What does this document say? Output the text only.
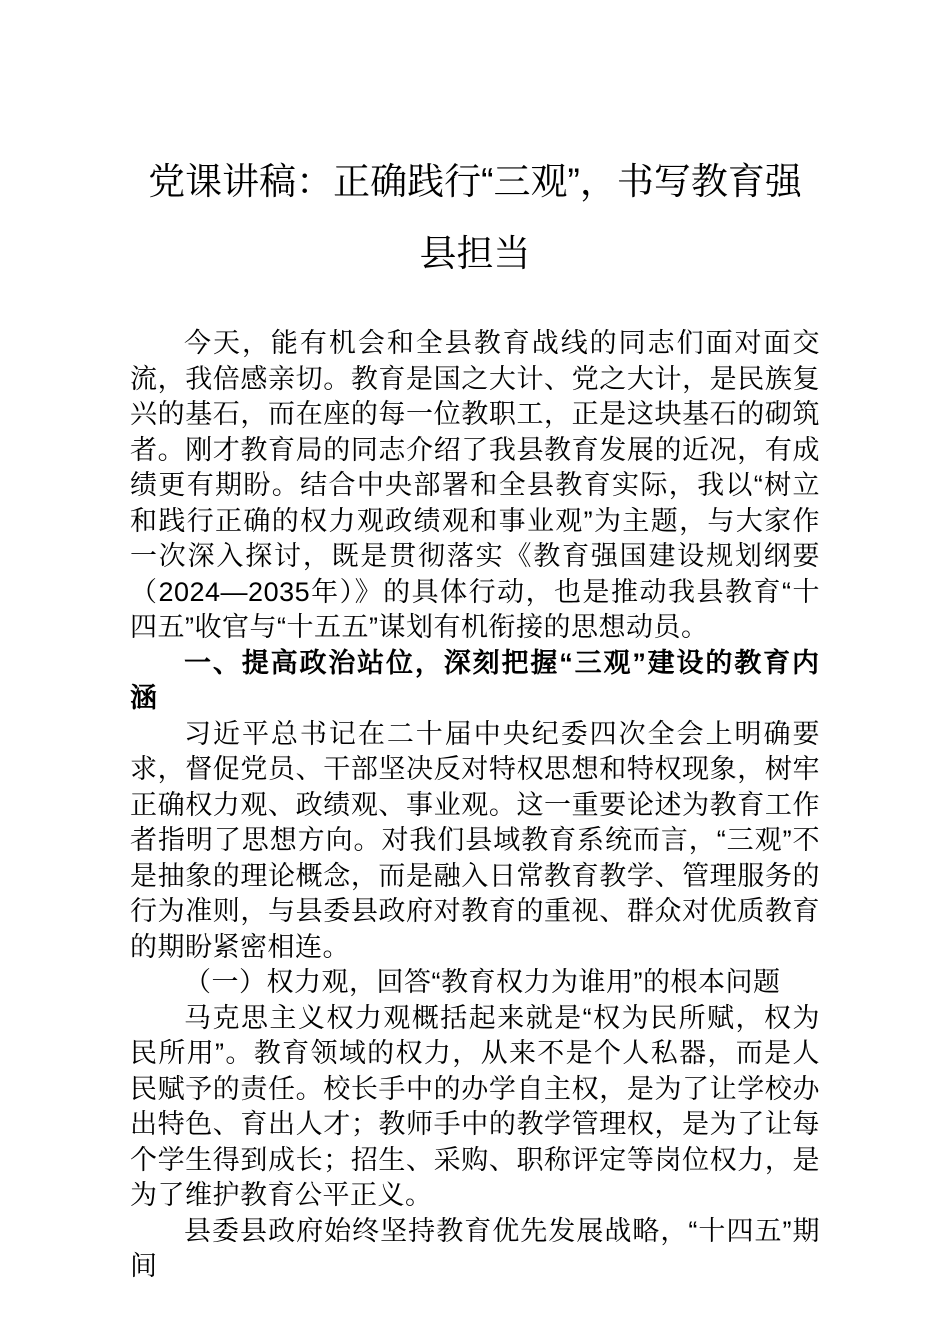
党课讲稿：正确践行“三观”，书写教育强县担当

今天，能有机会和全县教育战线的同志们面对面交流，我倍感亲切。教育是国之大计、党之大计，是民族复兴的基石，而在座的每一位教职工，正是这块基石的砌筑者。刚才教育局的同志介绍了我县教育发展的近况，有成绩更有期盼。结合中央部署和全县教育实际，我以“树立和践行正确的权力观政绩观和事业观”为主题，与大家作一次深入探讨，既是贯彻落实《教育强国建设规划纲要（2024—2035年）》的具体行动，也是推动我县教育“十四五”收官与“十五五”谋划有机衔接的思想动员。

一、提高政治站位，深刻把握“三观”建设的教育内涵

习近平总书记在二十届中央纪委四次全会上明确要求，督促党员、干部坚决反对特权思想和特权现象，树牢正确权力观、政绩观、事业观。这一重要论述为教育工作者指明了思想方向。对我们县域教育系统而言，“三观”不是抽象的理论概念，而是融入日常教育教学、管理服务的行为准则，与县委县政府对教育的重视、群众对优质教育的期盼紧密相连。

（一）权力观，回答“教育权力为谁用”的根本问题

马克思主义权力观概括起来就是“权为民所赋，权为民所用”。教育领域的权力，从来不是个人私器，而是人民赋予的责任。校长手中的办学自主权，是为了让学校办出特色、育出人才；教师手中的教学管理权，是为了让每个学生得到成长；招生、采购、职称评定等岗位权力，是为了维护教育公平正义。

县委县政府始终坚持教育优先发展战略，“十四五”期间
